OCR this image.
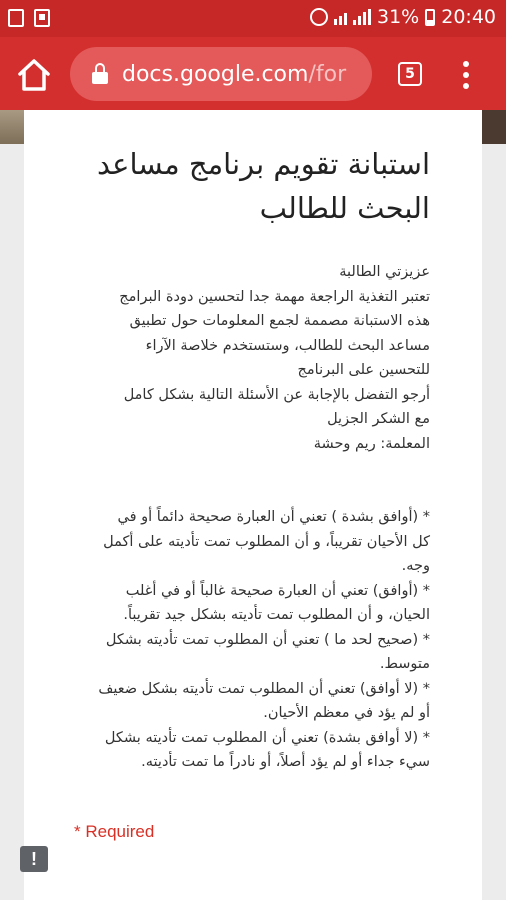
31% 20:40
docs.google.com/for	5
استبانة تقويم برنامج مساعد البحث للطالب
عزيزتي الطالبة
تعتبر التغذية الراجعة مهمة جدا لتحسين دودة البرامج
هذه الاستبانة مصممة لجمع المعلومات حول تطبيق
مساعد البحث للطالب، وستستخدم خلاصة الآراء
للتحسين على البرنامج
أرجو التفضل بالإجابة عن الأسئلة التالية بشكل كامل
مع الشكر الجزيل
المعلمة: ريم وحشة
* (أوافق بشدة ) تعني أن العبارة صحيحة دائماً أو في
كل الأحيان تقريباً، و أن المطلوب تمت تأديته على أكمل
وجه.
* (أوافق) تعني أن العبارة صحيحة غالباً أو في أغلب
الحيان، و أن المطلوب تمت تأديته بشكل جيد تقريباً.
* (صحيح لحد ما ) تعني أن المطلوب تمت تأديته بشكل
متوسط.
* (لا أوافق) تعني أن المطلوب تمت تأديته بشكل ضعيف
أو لم يؤد في معظم الأحيان.
* (لا أوافق بشدة) تعني أن المطلوب تمت تأديته بشكل
سيء جداء أو لم يؤد أصلاً، أو نادراً ما تمت تأديته.
* Required
!
